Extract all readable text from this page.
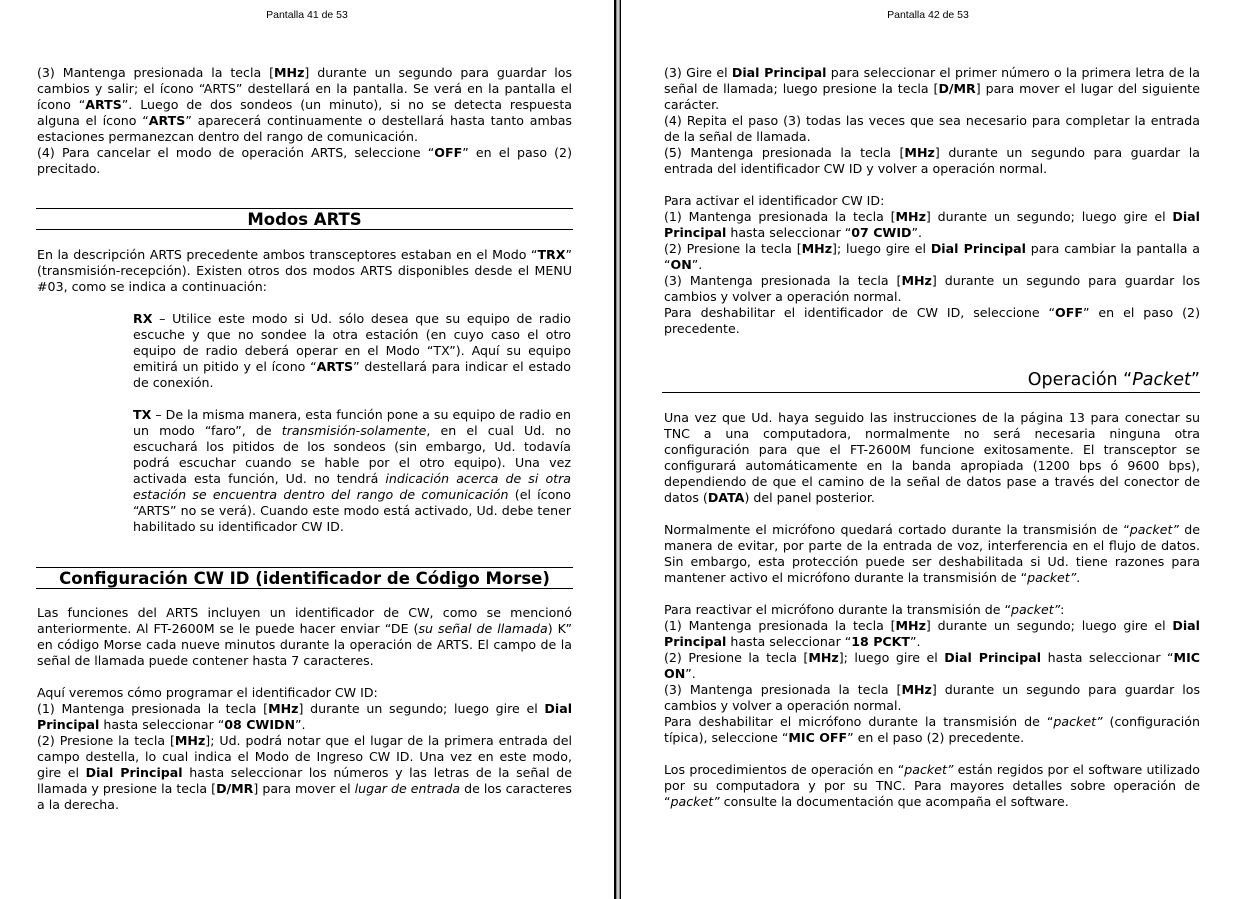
Pantalla 41 de 53
(3) Mantenga presionada la tecla [MHz] durante un segundo para guardar los cambios y salir; el ícono “ARTS” destellará en la pantalla. Se verá en la pantalla el ícono “ARTS”. Luego de dos sondeos (un minuto), si no se detecta respuesta alguna el ícono “ARTS” aparecerá continuamente o destellará hasta tanto ambas estaciones permanezcan dentro del rango de comunicación.
(4) Para cancelar el modo de operación ARTS, seleccione “OFF” en el paso (2) precitado.
Modos ARTS
En la descripción ARTS precedente ambos transceptores estaban en el Modo “TRX” (transmisión-recepción). Existen otros dos modos ARTS disponibles desde el MENU #03, como se indica a continuación:
RX – Utilice este modo si Ud. sólo desea que su equipo de radio escuche y que no sondee la otra estación (en cuyo caso el otro equipo de radio deberá operar en el Modo “TX”). Aquí su equipo emitirá un pitido y el ícono “ARTS” destellará para indicar el estado de conexión.
TX – De la misma manera, esta función pone a su equipo de radio en un modo “faro”, de transmisión-solamente, en el cual Ud. no escuchará los pitidos de los sondeos (sin embargo, Ud. todavía podrá escuchar cuando se hable por el otro equipo). Una vez activada esta función, Ud. no tendrá indicación acerca de si otra estación se encuentra dentro del rango de comunicación (el ícono “ARTS” no se verá). Cuando este modo está activado, Ud. debe tener habilitado su identificador CW ID.
Configuración CW ID (identificador de Código Morse)
Las funciones del ARTS incluyen un identificador de CW, como se mencionó anteriormente. Al FT-2600M se le puede hacer enviar “DE (su señal de llamada) K” en código Morse cada nueve minutos durante la operación de ARTS. El campo de la señal de llamada puede contener hasta 7 caracteres.
Aquí veremos cómo programar el identificador CW ID:
(1) Mantenga presionada la tecla [MHz] durante un segundo; luego gire el Dial Principal hasta seleccionar “08 CWIDN”.
(2) Presione la tecla [MHz]; Ud. podrá notar que el lugar de la primera entrada del campo destella, lo cual indica el Modo de Ingreso CW ID. Una vez en este modo, gire el Dial Principal hasta seleccionar los números y las letras de la señal de llamada y presione la tecla [D/MR] para mover el lugar de entrada de los caracteres a la derecha.
Pantalla 42 de 53
(3) Gire el Dial Principal para seleccionar el primer número o la primera letra de la señal de llamada; luego presione la tecla [D/MR] para mover el lugar del siguiente carácter.
(4) Repita el paso (3) todas las veces que sea necesario para completar la entrada de la señal de llamada.
(5) Mantenga presionada la tecla [MHz] durante un segundo para guardar la entrada del identificador CW ID y volver a operación normal.
Para activar el identificador CW ID:
(1) Mantenga presionada la tecla [MHz] durante un segundo; luego gire el Dial Principal hasta seleccionar “07 CWID”.
(2) Presione la tecla [MHz]; luego gire el Dial Principal para cambiar la pantalla a “ON”.
(3) Mantenga presionada la tecla [MHz] durante un segundo para guardar los cambios y volver a operación normal.
Para deshabilitar el identificador de CW ID, seleccione “OFF” en el paso (2) precedente.
Operación “Packet”
Una vez que Ud. haya seguido las instrucciones de la página 13 para conectar su TNC a una computadora, normalmente no será necesaria ninguna otra configuración para que el FT-2600M funcione exitosamente. El transceptor se configurará automáticamente en la banda apropiada (1200 bps ó 9600 bps), dependiendo de que el camino de la señal de datos pase a través del conector de datos (DATA) del panel posterior.
Normalmente el micrófono quedará cortado durante la transmisión de “packet” de manera de evitar, por parte de la entrada de voz, interferencia en el flujo de datos. Sin embargo, esta protección puede ser deshabilitada si Ud. tiene razones para mantener activo el micrófono durante la transmisión de “packet”.
Para reactivar el micrófono durante la transmisión de “packet”:
(1) Mantenga presionada la tecla [MHz] durante un segundo; luego gire el Dial Principal hasta seleccionar “18 PCKT”.
(2) Presione la tecla [MHz]; luego gire el Dial Principal hasta seleccionar “MIC ON”.
(3) Mantenga presionada la tecla [MHz] durante un segundo para guardar los cambios y volver a operación normal.
Para deshabilitar el micrófono durante la transmisión de “packet” (configuración típica), seleccione “MIC OFF” en el paso (2) precedente.
Los procedimientos de operación en “packet” están regidos por el software utilizado por su computadora y por su TNC. Para mayores detalles sobre operación de “packet” consulte la documentación que acompaña el software.
